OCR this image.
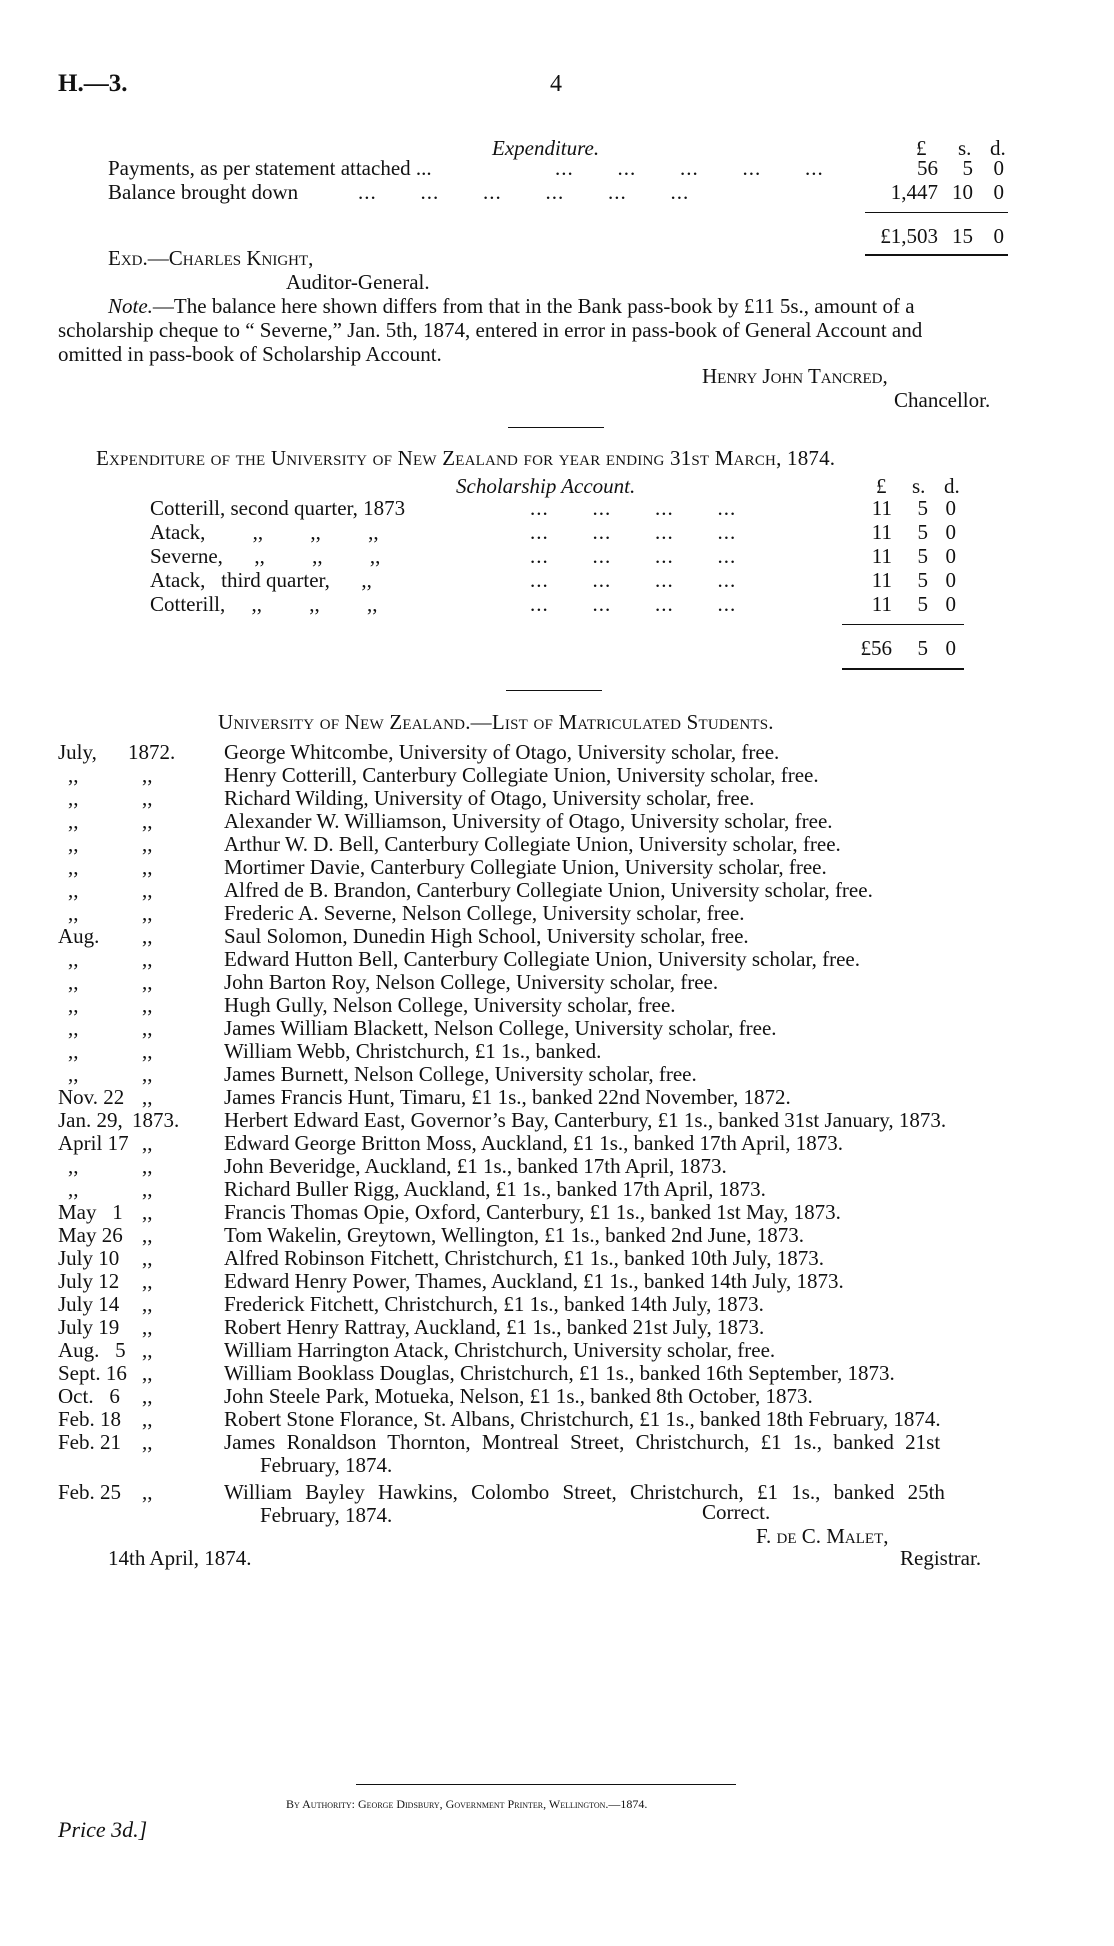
H.—3.	4
Expenditure.	£ s. d.
Payments, as per statement attached ...	...       ...       ...       ...       ...	56	5 0
Balance brought down	...       ...       ...       ...       ...       ...	1,447 10 0
£1,503 15 0
Exd.—Charles Knight,
Auditor-General.
Note.—The balance here shown differs from that in the Bank pass-book by £11 5s., amount of a
scholarship cheque to “ Severne,” Jan. 5th, 1874, entered in error in pass-book of General Account and
omitted in pass-book of Scholarship Account.
Henry John Tancred,
Chancellor.
Expenditure of the University of New Zealand for year ending 31st March, 1874.
Scholarship Account.	£ s. d.
Cotterill, second quarter, 1873	...       ...       ...       ...	11	5 0
Atack,         ,,         ,,         ,,	...       ...       ...       ...	11	5 0
Severne,      ,,         ,,         ,,	...       ...       ...       ...	11	5 0
Atack,   third quarter,      ,,	...       ...       ...       ...	11	5 0
Cotterill,     ,,         ,,         ,,	...       ...       ...       ...	11	5 0
£56	5 0
University of New Zealand.—List of Matriculated Students.
July, 1872. George Whitcombe, University of Otago, University scholar, free.
,,	,,	Henry Cotterill, Canterbury Collegiate Union, University scholar, free.
,,	,,	Richard Wilding, University of Otago, University scholar, free.
,,	,,	Alexander W. Williamson, University of Otago, University scholar, free.
,,	,,	Arthur W. D. Bell, Canterbury Collegiate Union, University scholar, free.
,,	,,	Mortimer Davie, Canterbury Collegiate Union, University scholar, free.
,,	,,	Alfred de B. Brandon, Canterbury Collegiate Union, University scholar, free.
,,	,,	Frederic A. Severne, Nelson College, University scholar, free.
Aug. ,,	Saul Solomon, Dunedin High School, University scholar, free.
,,	,,	Edward Hutton Bell, Canterbury Collegiate Union, University scholar, free.
,,	,,	John Barton Roy, Nelson College, University scholar, free.
,,	,,	Hugh Gully, Nelson College, University scholar, free.
,,	,,	James William Blackett, Nelson College, University scholar, free.
,,	,,	William Webb, Christchurch, £1 1s., banked.
,,	,,	James Burnett, Nelson College, University scholar, free.
Nov. 22 ,,	James Francis Hunt, Timaru, £1 1s., banked 22nd November, 1872.
Jan. 29, 1873. Herbert Edward East, Governor’s Bay, Canterbury, £1 1s., banked 31st January, 1873.
April 17 ,,	Edward George Britton Moss, Auckland, £1 1s., banked 17th April, 1873.
,,	,,	John Beveridge, Auckland, £1 1s., banked 17th April, 1873.
,,	,,	Richard Buller Rigg, Auckland, £1 1s., banked 17th April, 1873.
May   1 ,,	Francis Thomas Opie, Oxford, Canterbury, £1 1s., banked 1st May, 1873.
May 26 ,,	Tom Wakelin, Greytown, Wellington, £1 1s., banked 2nd June, 1873.
July 10 ,,	Alfred Robinson Fitchett, Christchurch, £1 1s., banked 10th July, 1873.
July 12 ,,	Edward Henry Power, Thames, Auckland, £1 1s., banked 14th July, 1873.
July 14 ,,	Frederick Fitchett, Christchurch, £1 1s., banked 14th July, 1873.
July 19 ,,	Robert Henry Rattray, Auckland, £1 1s., banked 21st July, 1873.
Aug.   5 ,,	William Harrington Atack, Christchurch, University scholar, free.
Sept. 16 ,,	William Booklass Douglas, Christchurch, £1 1s., banked 16th September, 1873.
Oct.   6 ,,	John Steele Park, Motueka, Nelson, £1 1s., banked 8th October, 1873.
Feb. 18 ,,	Robert Stone Florance, St. Albans, Christchurch, £1 1s., banked 18th February, 1874.
Feb. 21 ,,	James Ronaldson Thornton, Montreal Street, Christchurch, £1 1s., banked 21st
February, 1874.
Feb. 25 ,,	William Bayley Hawkins, Colombo Street, Christchurch, £1 1s., banked 25th
February, 1874.	Correct.
F. de C. Malet,
14th April, 1874.	Registrar.
By Authority: George Didsbury, Government Printer, Wellington.—1874.
Price 3d.]
